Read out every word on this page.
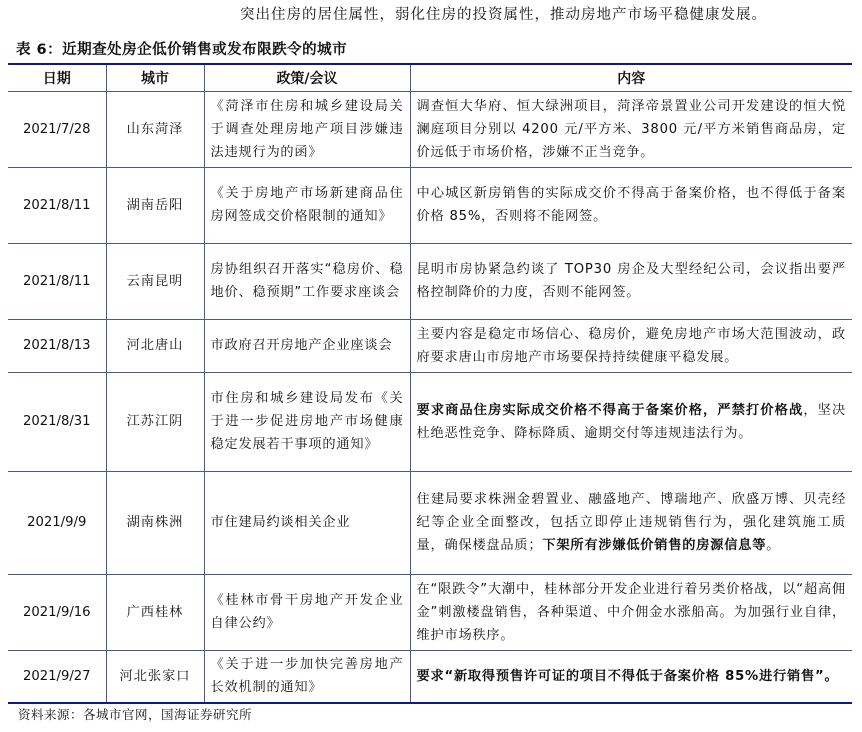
突出住房的居住属性，弱化住房的投资属性，推动房地产市场平稳健康发展。
表 6：近期查处房企低价销售或发布限跌令的城市
日期	城市	政策/会议	内容
2021/7/28	山东菏泽	《菏泽市住房和城乡建设局关于调查处理房地产项目涉嫌违法违规行为的函》	调查恒大华府、恒大绿洲项目，菏泽帝景置业公司开发建设的恒大悦澜庭项目分别以 4200 元/平方米、3800 元/平方米销售商品房，定价远低于市场价格，涉嫌不正当竞争。
2021/8/11	湖南岳阳	《关于房地产市场新建商品住房网签成交价格限制的通知》	中心城区新房销售的实际成交价不得高于备案价格，也不得低于备案价格 85%，否则将不能网签。
2021/8/11	云南昆明	房协组织召开落实“稳房价、稳地价、稳预期”工作要求座谈会	昆明市房协紧急约谈了 TOP30 房企及大型经纪公司，会议指出要严格控制降价的力度，否则不能网签。
2021/8/13	河北唐山	市政府召开房地产企业座谈会	主要内容是稳定市场信心、稳房价，避免房地产市场大范围波动，政府要求唐山市房地产市场要保持持续健康平稳发展。
2021/8/31	江苏江阴	市住房和城乡建设局发布《关于进一步促进房地产市场健康稳定发展若干事项的通知》	要求商品住房实际成交价格不得高于备案价格，严禁打价格战，坚决杜绝恶性竞争、降标降质、逾期交付等违规违法行为。
2021/9/9	湖南株洲	市住建局约谈相关企业	住建局要求株洲金碧置业、融盛地产、博瑞地产、欣盛万博、贝壳经纪等企业全面整改，包括立即停止违规销售行为，强化建筑施工质量，确保楼盘品质；下架所有涉嫌低价销售的房源信息等。
2021/9/16	广西桂林	《桂林市骨干房地产开发企业自律公约》	在“限跌令”大潮中，桂林部分开发企业进行着另类价格战，以“超高佣金”刺激楼盘销售，各种渠道、中介佣金水涨船高。为加强行业自律，维护市场秩序。
2021/9/27	河北张家口	《关于进一步加快完善房地产长效机制的通知》	要求“新取得预售许可证的项目不得低于备案价格 85%进行销售”。
资料来源：各城市官网，国海证券研究所
